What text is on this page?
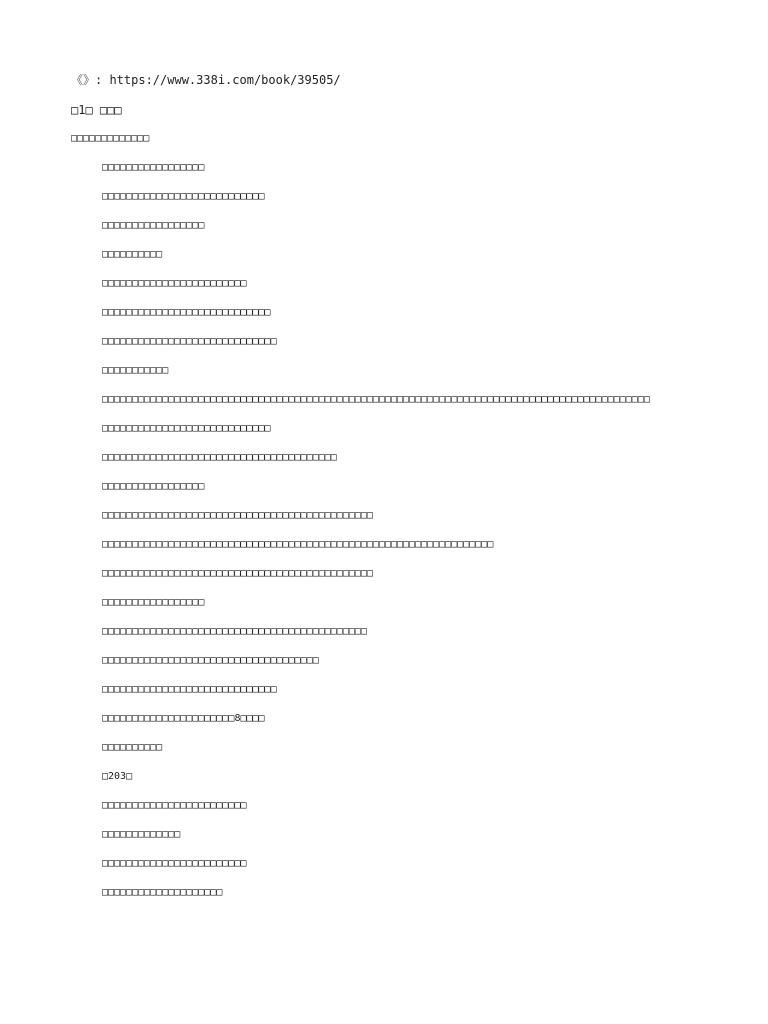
《》: https://www.338i.com/book/39505/

□1□ □□□

□□□□□□□□□□□□□

□□□□□□□□□□□□□□□□□

□□□□□□□□□□□□□□□□□□□□□□□□□□□

□□□□□□□□□□□□□□□□□

□□□□□□□□□□

□□□□□□□□□□□□□□□□□□□□□□□□

□□□□□□□□□□□□□□□□□□□□□□□□□□□□

□□□□□□□□□□□□□□□□□□□□□□□□□□□□□

□□□□□□□□□□□

□□□□□□□□□□□□□□□□□□□□□□□□□□□□□□□□□□□□□□□□□□□□□□□□□□□□□□□□□□□□□□□□□□□□□□□□□□□□□□□□□□□□□□□□□□□

□□□□□□□□□□□□□□□□□□□□□□□□□□□□

□□□□□□□□□□□□□□□□□□□□□□□□□□□□□□□□□□□□□□□

□□□□□□□□□□□□□□□□□

□□□□□□□□□□□□□□□□□□□□□□□□□□□□□□□□□□□□□□□□□□□□□

□□□□□□□□□□□□□□□□□□□□□□□□□□□□□□□□□□□□□□□□□□□□□□□□□□□□□□□□□□□□□□□□□

□□□□□□□□□□□□□□□□□□□□□□□□□□□□□□□□□□□□□□□□□□□□□

□□□□□□□□□□□□□□□□□

□□□□□□□□□□□□□□□□□□□□□□□□□□□□□□□□□□□□□□□□□□□□

□□□□□□□□□□□□□□□□□□□□□□□□□□□□□□□□□□□□

□□□□□□□□□□□□□□□□□□□□□□□□□□□□□

□□□□□□□□□□□□□□□□□□□□□□8□□□□

□□□□□□□□□□

□203□

□□□□□□□□□□□□□□□□□□□□□□□□

□□□□□□□□□□□□□

□□□□□□□□□□□□□□□□□□□□□□□□

□□□□□□□□□□□□□□□□□□□□
